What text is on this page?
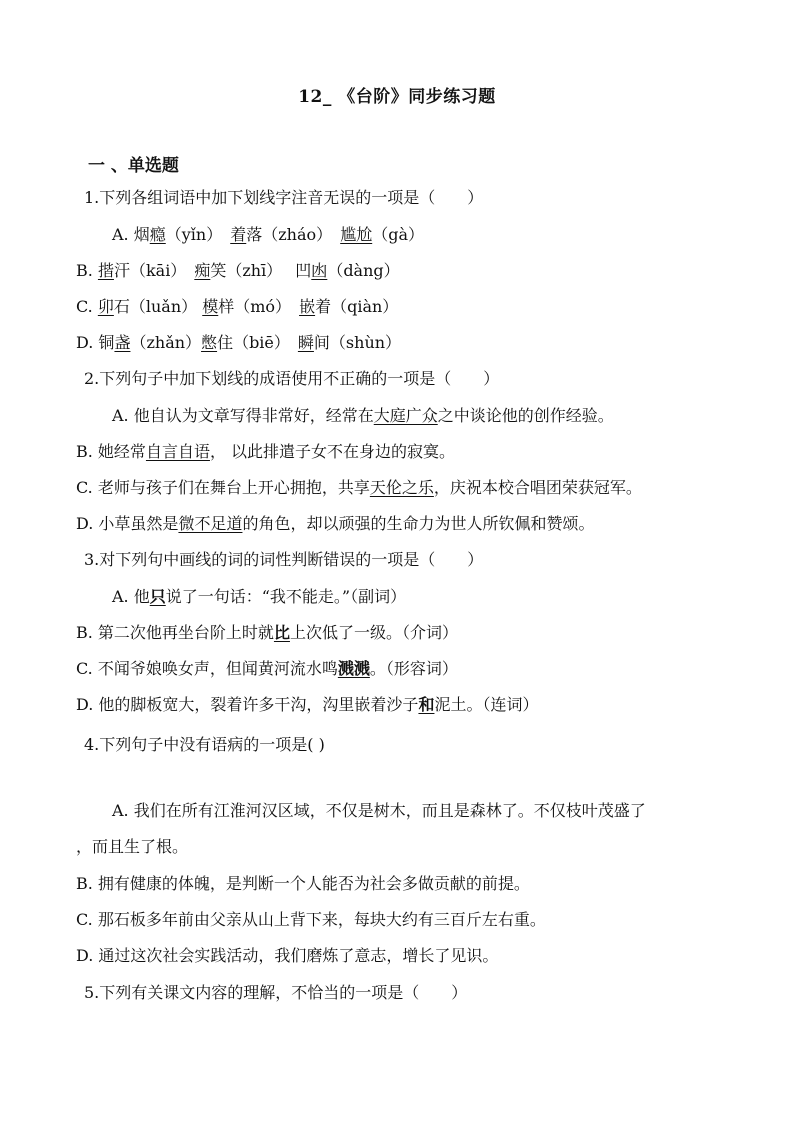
12_ 《台阶》同步练习题
一 、单选题
1.下列各组词语中加下划线字注音无误的一项是（　　）
A. 烟瘾（yǐn）　着落（zháo）　 尴尬（gà）
B. 揩汗（kāi）　痴笑（zhī）　 凹凼（dàng）
C. 卯石（luǎn） 模样（mó）　嵌着（qiàn）
D. 铜盏（zhǎn）憋住（biē）　瞬间（shùn）
2.下列句子中加下划线的成语使用不正确的一项是（　　）
A. 他自认为文章写得非常好，经常在大庭广众之中谈论他的创作经验。
B. 她经常自言自语， 以此排遣子女不在身边的寂寞。
C. 老师与孩子们在舞台上开心拥抱，共享天伦之乐，庆祝本校合唱团荣获冠军。
D. 小草虽然是微不足道的角色，却以顽强的生命力为世人所钦佩和赞颂。
3.对下列句中画线的词的词性判断错误的一项是（　　）
A. 他只说了一句话：“我不能走。”（副词）
B. 第二次他再坐台阶上时就比上次低了一级。（介词）
C. 不闻爷娘唤女声，但闻黄河流水鸣溅溅。（形容词）
D. 他的脚板宽大，裂着许多干沟，沟里嵌着沙子和泥土。（连词）
4.下列句子中没有语病的一项是( )
A. 我们在所有江淮河汉区域，不仅是树木，而且是森林了。不仅枝叶茂盛了
，而且生了根。
B. 拥有健康的体魄，是判断一个人能否为社会多做贡献的前提。
C. 那石板多年前由父亲从山上背下来，每块大约有三百斤左右重。
D. 通过这次社会实践活动，我们磨炼了意志，增长了见识。
5.下列有关课文内容的理解，不恰当的一项是（　　）
